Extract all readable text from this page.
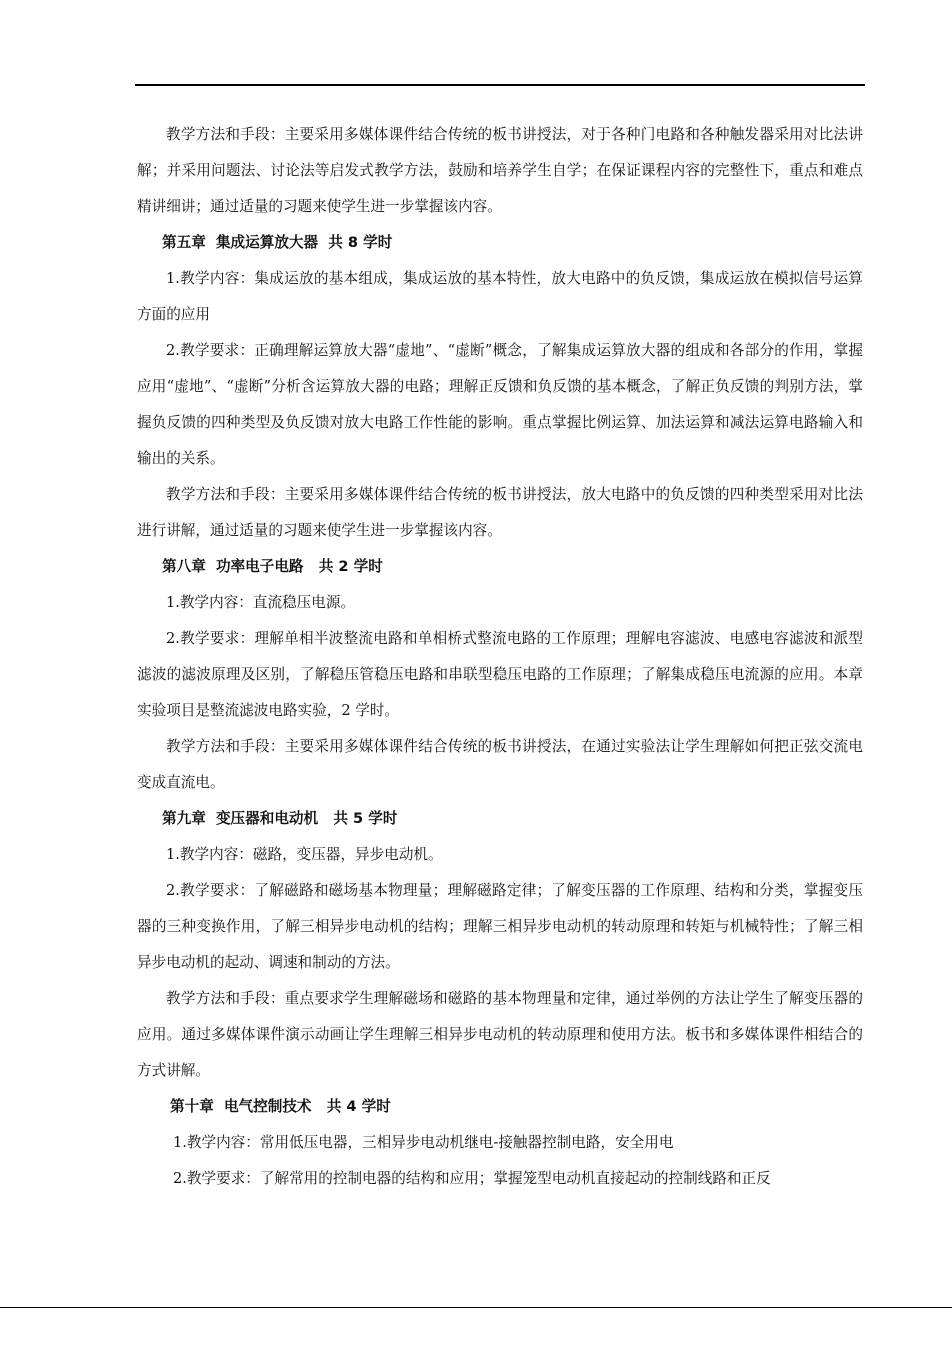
教学方法和手段：主要采用多媒体课件结合传统的板书讲授法，对于各种门电路和各种触发器采用对比法讲解；并采用问题法、讨论法等启发式教学方法，鼓励和培养学生自学；在保证课程内容的完整性下，重点和难点精讲细讲；通过适量的习题来使学生进一步掌握该内容。

第五章  集成运算放大器  共 8 学时

1.教学内容：集成运放的基本组成，集成运放的基本特性，放大电路中的负反馈，集成运放在模拟信号运算方面的应用

2.教学要求：正确理解运算放大器“虚地”、“虚断”概念，了解集成运算放大器的组成和各部分的作用，掌握应用“虚地”、“虚断”分析含运算放大器的电路；理解正反馈和负反馈的基本概念，了解正负反馈的判别方法，掌握负反馈的四种类型及负反馈对放大电路工作性能的影响。重点掌握比例运算、加法运算和减法运算电路输入和输出的关系。

教学方法和手段：主要采用多媒体课件结合传统的板书讲授法，放大电路中的负反馈的四种类型采用对比法进行讲解，通过适量的习题来使学生进一步掌握该内容。

第八章  功率电子电路   共 2 学时

1.教学内容：直流稳压电源。

2.教学要求：理解单相半波整流电路和单相桥式整流电路的工作原理；理解电容滤波、电感电容滤波和派型滤波的滤波原理及区别，了解稳压管稳压电路和串联型稳压电路的工作原理；了解集成稳压电流源的应用。本章实验项目是整流滤波电路实验，2 学时。

教学方法和手段：主要采用多媒体课件结合传统的板书讲授法，在通过实验法让学生理解如何把正弦交流电变成直流电。

第九章  变压器和电动机   共 5 学时

1.教学内容：磁路，变压器，异步电动机。

2.教学要求：了解磁路和磁场基本物理量；理解磁路定律；了解变压器的工作原理、结构和分类，掌握变压器的三种变换作用，了解三相异步电动机的结构；理解三相异步电动机的转动原理和转矩与机械特性；了解三相异步电动机的起动、调速和制动的方法。

教学方法和手段：重点要求学生理解磁场和磁路的基本物理量和定律，通过举例的方法让学生了解变压器的应用。通过多媒体课件演示动画让学生理解三相异步电动机的转动原理和使用方法。板书和多媒体课件相结合的方式讲解。

第十章  电气控制技术   共 4 学时

1.教学内容：常用低压电器，三相异步电动机继电-接触器控制电路，安全用电

2.教学要求：了解常用的控制电器的结构和应用；掌握笼型电动机直接起动的控制线路和正反
